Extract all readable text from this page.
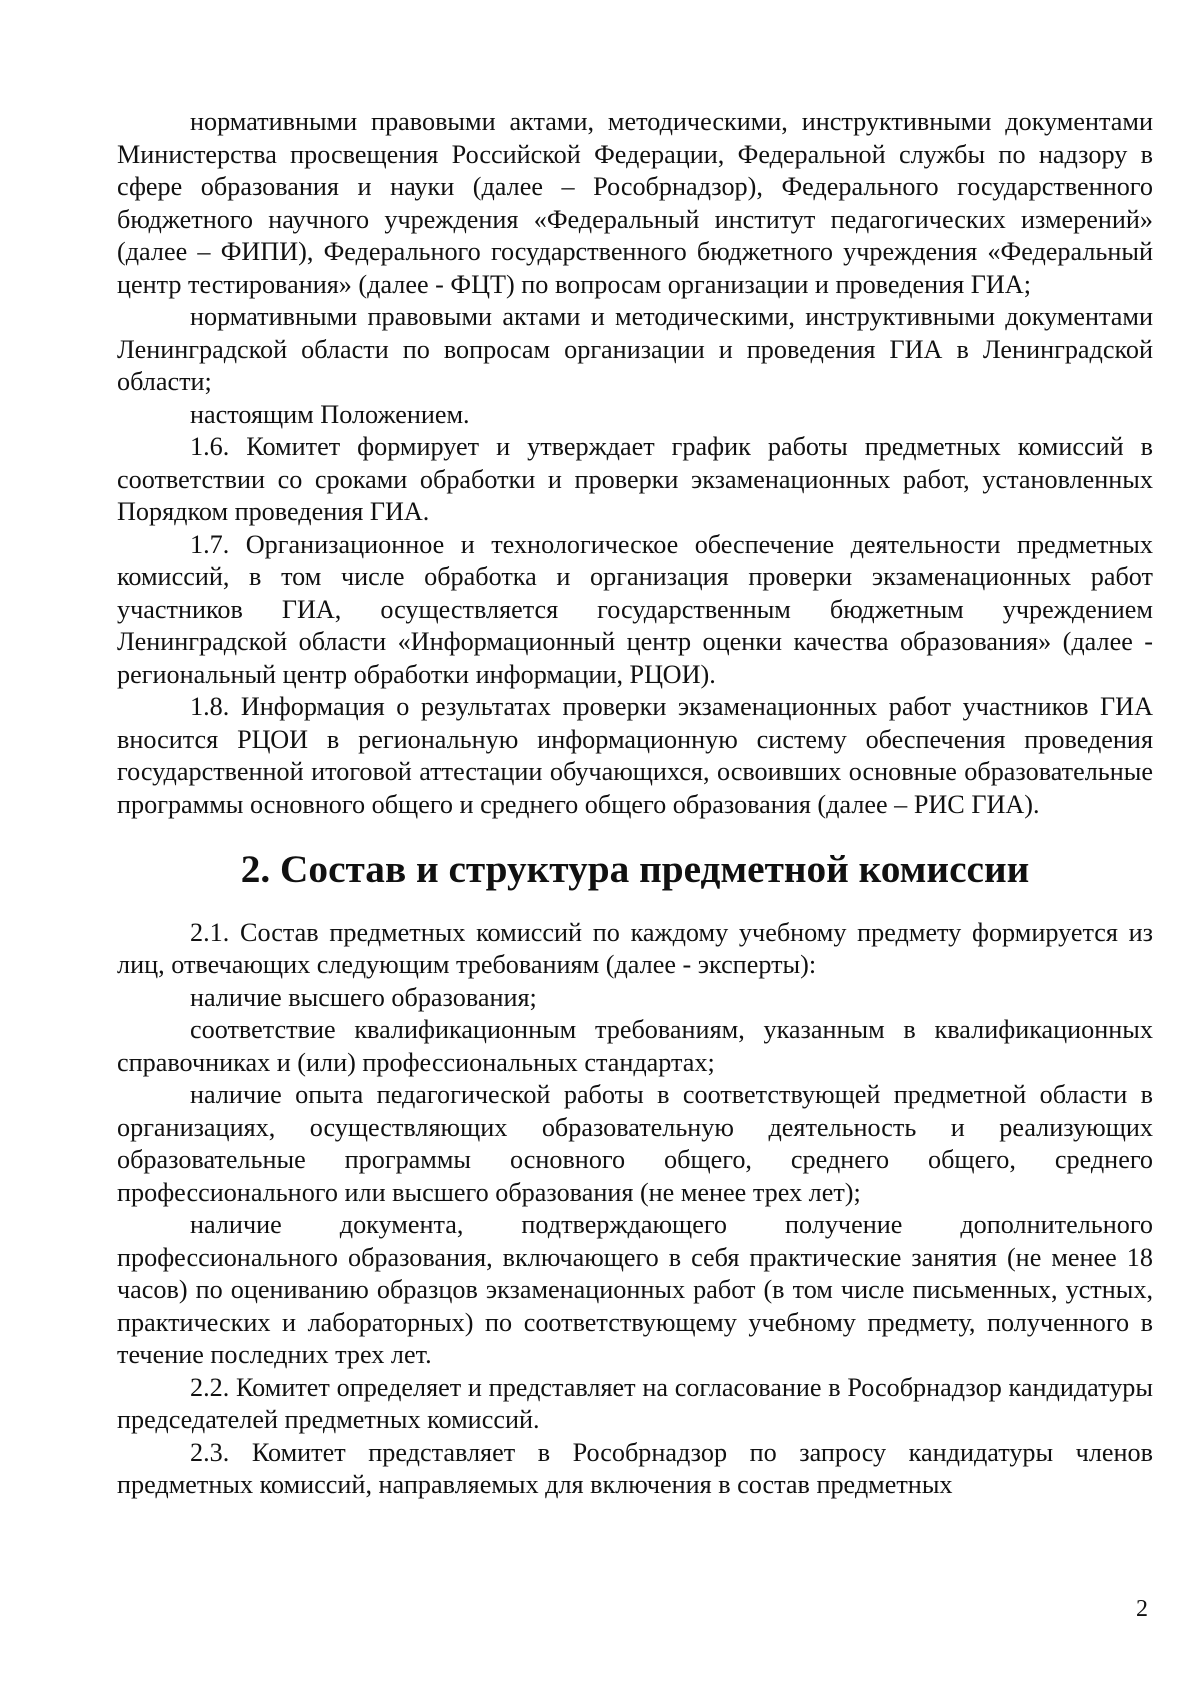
нормативными правовыми актами, методическими, инструктивными документами Министерства просвещения Российской Федерации, Федеральной службы по надзору в сфере образования и науки (далее – Рособрнадзор), Федерального государственного бюджетного научного учреждения «Федеральный институт педагогических измерений» (далее – ФИПИ), Федерального государственного бюджетного учреждения «Федеральный центр тестирования» (далее - ФЦТ) по вопросам организации и проведения ГИА;

нормативными правовыми актами и методическими, инструктивными документами Ленинградской области по вопросам организации и проведения ГИА в Ленинградской области;

настоящим Положением.

1.6. Комитет формирует и утверждает график работы предметных комиссий в соответствии со сроками обработки и проверки экзаменационных работ, установленных Порядком проведения ГИА.

1.7. Организационное и технологическое обеспечение деятельности предметных комиссий, в том числе обработка и организация проверки экзаменационных работ участников ГИА, осуществляется государственным бюджетным учреждением Ленинградской области «Информационный центр оценки качества образования» (далее - региональный центр обработки информации, РЦОИ).

1.8. Информация о результатах проверки экзаменационных работ участников ГИА вносится РЦОИ в региональную информационную систему обеспечения проведения государственной итоговой аттестации обучающихся, освоивших основные образовательные программы основного общего и среднего общего образования (далее – РИС ГИА).

2. Состав и структура предметной комиссии

2.1. Состав предметных комиссий по каждому учебному предмету формируется из лиц, отвечающих следующим требованиям (далее - эксперты):

наличие высшего образования;

соответствие квалификационным требованиям, указанным в квалификационных справочниках и (или) профессиональных стандартах;

наличие опыта педагогической работы в соответствующей предметной области в организациях, осуществляющих образовательную деятельность и реализующих образовательные программы основного общего, среднего общего, среднего профессионального или высшего образования (не менее трех лет);

наличие документа, подтверждающего получение дополнительного профессионального образования, включающего в себя практические занятия (не менее 18 часов) по оцениванию образцов экзаменационных работ (в том числе письменных, устных, практических и лабораторных) по соответствующему учебному предмету, полученного в течение последних трех лет.

2.2. Комитет определяет и представляет на согласование в Рособрнадзор кандидатуры председателей предметных комиссий.

2.3. Комитет представляет в Рособрнадзор по запросу кандидатуры членов предметных комиссий, направляемых для включения в состав предметных

2
